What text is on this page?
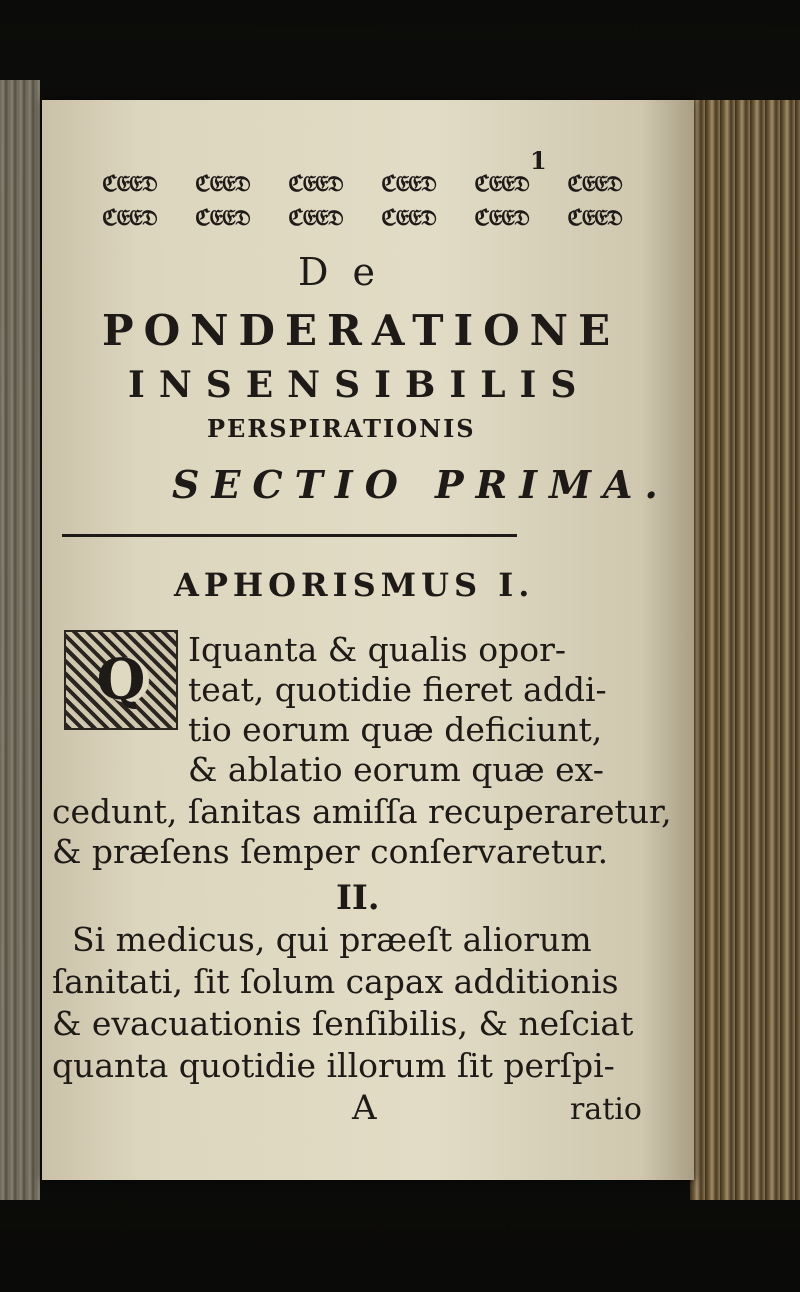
1
ℭ𝔈𝔈𝔇 ℭ𝔈𝔈𝔇 ℭ𝔈𝔈𝔇 ℭ𝔈𝔈𝔇 ℭ𝔈𝔈𝔇 ℭ𝔈𝔈𝔇
ℭ𝔈𝔈𝔇 ℭ𝔈𝔈𝔇 ℭ𝔈𝔈𝔇 ℭ𝔈𝔈𝔇 ℭ𝔈𝔈𝔇 ℭ𝔈𝔈𝔇
D e
PONDERATIONE
INSENSIBILIS
PERSPIRATIONIS
SECTIO PRIMA.
APHORISMUS I.
Q	Iquanta & qualis opor-
teat, quotidie fieret addi-
tio eorum quæ deficiunt,
& ablatio eorum quæ ex-
cedunt, ſanitas amiſſa recuperaretur,
& præſens ſemper conſervaretur.
II.
Si medicus, qui præeſt aliorum
ſanitati, ſit ſolum capax additionis
& evacuationis ſenſibilis, & neſciat
quanta quotidie illorum ſit perſpi-
A	ratio
